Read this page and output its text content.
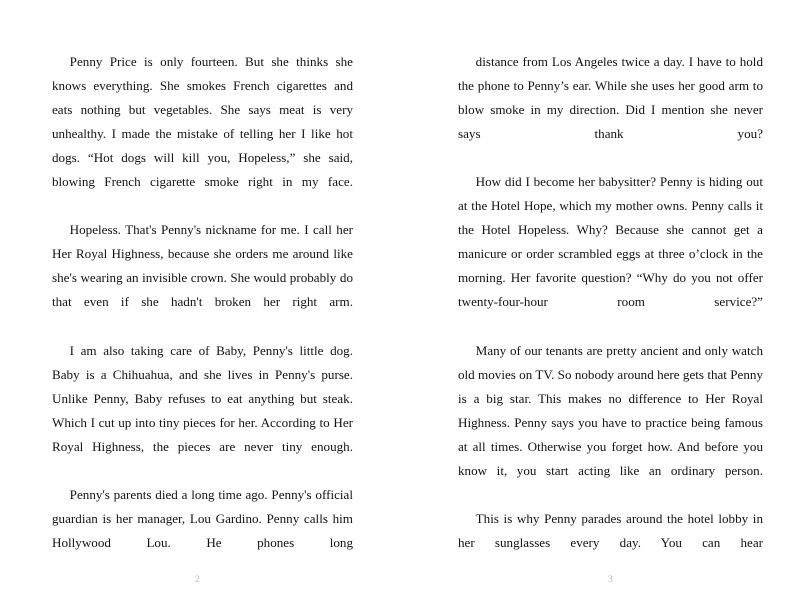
Penny Price is only fourteen. But she thinks she knows everything. She smokes French cigarettes and eats nothing but vegetables. She says meat is very unhealthy. I made the mistake of telling her I like hot dogs. “Hot dogs will kill you, Hopeless,” she said, blowing French cigarette smoke right in my face.

Hopeless. That's Penny's nickname for me. I call her Her Royal Highness, because she orders me around like she's wearing an invisible crown. She would probably do that even if she hadn't broken her right arm.

I am also taking care of Baby, Penny's little dog. Baby is a Chihuahua, and she lives in Penny's purse. Unlike Penny, Baby refuses to eat anything but steak. Which I cut up into tiny pieces for her. According to Her Royal Highness, the pieces are never tiny enough.

Penny's parents died a long time ago. Penny's official guardian is her manager, Lou Gardino. Penny calls him Hollywood Lou. He phones long

2

distance from Los Angeles twice a day. I have to hold the phone to Penny’s ear. While she uses her good arm to blow smoke in my direction. Did I mention she never says thank you?

How did I become her babysitter? Penny is hiding out at the Hotel Hope, which my mother owns. Penny calls it the Hotel Hopeless. Why? Because she cannot get a manicure or order scrambled eggs at three o’clock in the morning. Her favorite question? “Why do you not offer twenty-four-hour room service?”

Many of our tenants are pretty ancient and only watch old movies on TV. So nobody around here gets that Penny is a big star. This makes no difference to Her Royal Highness. Penny says you have to practice being famous at all times. Otherwise you forget how. And before you know it, you start acting like an ordinary person.

This is why Penny parades around the hotel lobby in her sunglasses every day. You can hear

3
